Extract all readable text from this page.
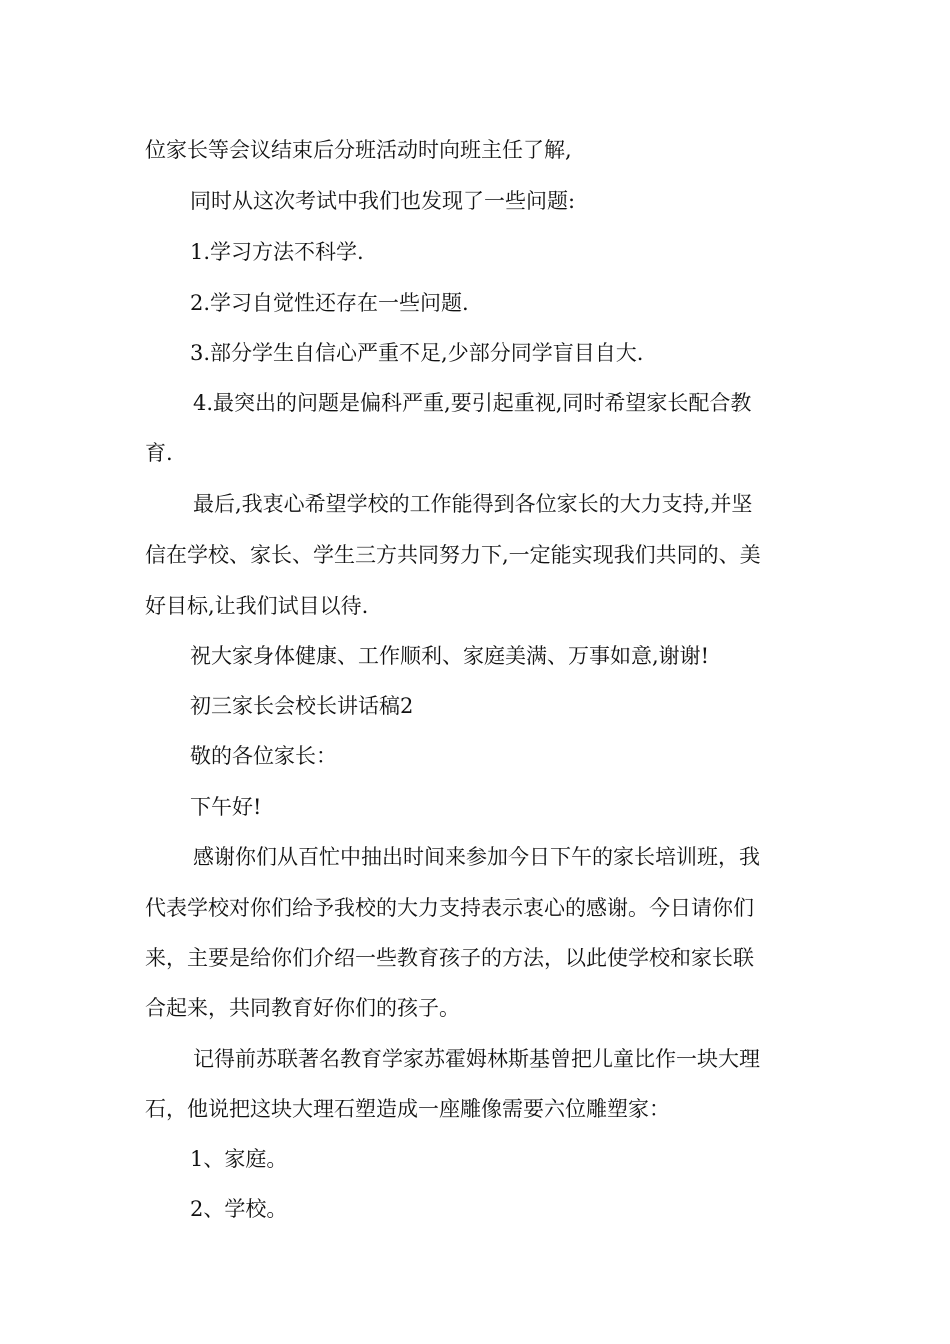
位家长等会议结束后分班活动时向班主任了解,
同时从这次考试中我们也发现了一些问题:
1.学习方法不科学.
2.学习自觉性还存在一些问题.
3.部分学生自信心严重不足,少部分同学盲目自大.
4.最突出的问题是偏科严重,要引起重视,同时希望家长配合教
育.
最后,我衷心希望学校的工作能得到各位家长的大力支持,并坚
信在学校、家长、学生三方共同努力下,一定能实现我们共同的、美
好目标,让我们试目以待.
祝大家身体健康、工作顺利、家庭美满、万事如意,谢谢!
初三家长会校长讲话稿2
敬的各位家长：
下午好!
感谢你们从百忙中抽出时间来参加今日下午的家长培训班，我
代表学校对你们给予我校的大力支持表示衷心的感谢。今日请你们
来，主要是给你们介绍一些教育孩子的方法，以此使学校和家长联
合起来，共同教育好你们的孩子。
记得前苏联著名教育学家苏霍姆林斯基曾把儿童比作一块大理
石，他说把这块大理石塑造成一座雕像需要六位雕塑家：
1、家庭。
2、学校。
